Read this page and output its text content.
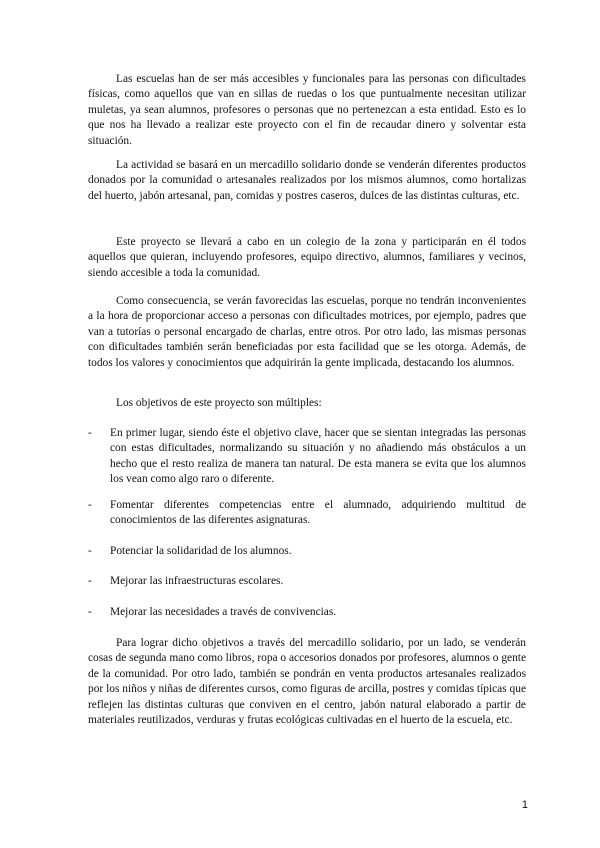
Las escuelas han de ser más accesibles y funcionales para las personas con dificultades físicas, como aquellos que van en sillas de ruedas o los que puntualmente necesitan utilizar muletas, ya sean alumnos, profesores o personas que no pertenezcan a esta entidad. Esto es lo que nos ha llevado a realizar este proyecto con el fin de recaudar dinero y solventar esta situación.

La actividad se basará en un mercadillo solidario donde se venderán diferentes productos donados por la comunidad o artesanales realizados por los mismos alumnos, como hortalizas del huerto, jabón artesanal, pan, comidas y postres caseros, dulces de las distintas culturas, etc.

Este proyecto se llevará a cabo en un colegio de la zona y participarán en él todos aquellos que quieran, incluyendo profesores, equipo directivo, alumnos, familiares y vecinos, siendo accesible a toda la comunidad.

Como consecuencia, se verán favorecidas las escuelas, porque no tendrán inconvenientes a la hora de proporcionar acceso a personas con dificultades motrices, por ejemplo, padres que van a tutorías o personal encargado de charlas, entre otros. Por otro lado, las mismas personas con dificultades también serán beneficiadas por esta facilidad que se les otorga. Además, de todos los valores y conocimientos que adquirirán la gente implicada, destacando los alumnos.

Los objetivos de este proyecto son múltiples:

- En primer lugar, siendo éste el objetivo clave, hacer que se sientan integradas las personas con estas dificultades, normalizando su situación y no añadiendo más obstáculos a un hecho que el resto realiza de manera tan natural. De esta manera se evita que los alumnos los vean como algo raro o diferente.
- Fomentar diferentes competencias entre el alumnado, adquiriendo multitud de conocimientos de las diferentes asignaturas.
- Potenciar la solidaridad de los alumnos.
- Mejorar las infraestructuras escolares.
- Mejorar las necesidades a través de convivencias.

Para lograr dicho objetivos a través del mercadillo solidario, por un lado, se venderán cosas de segunda mano como libros, ropa o accesorios donados por profesores, alumnos o gente de la comunidad. Por otro lado, también se pondrán en venta productos artesanales realizados por los niños y niñas de diferentes cursos, como figuras de arcilla, postres y comidas típicas que reflejen las distintas culturas que conviven en el centro, jabón natural elaborado a partir de materiales reutilizados, verduras y frutas ecológicas cultivadas en el huerto de la escuela, etc.

1
